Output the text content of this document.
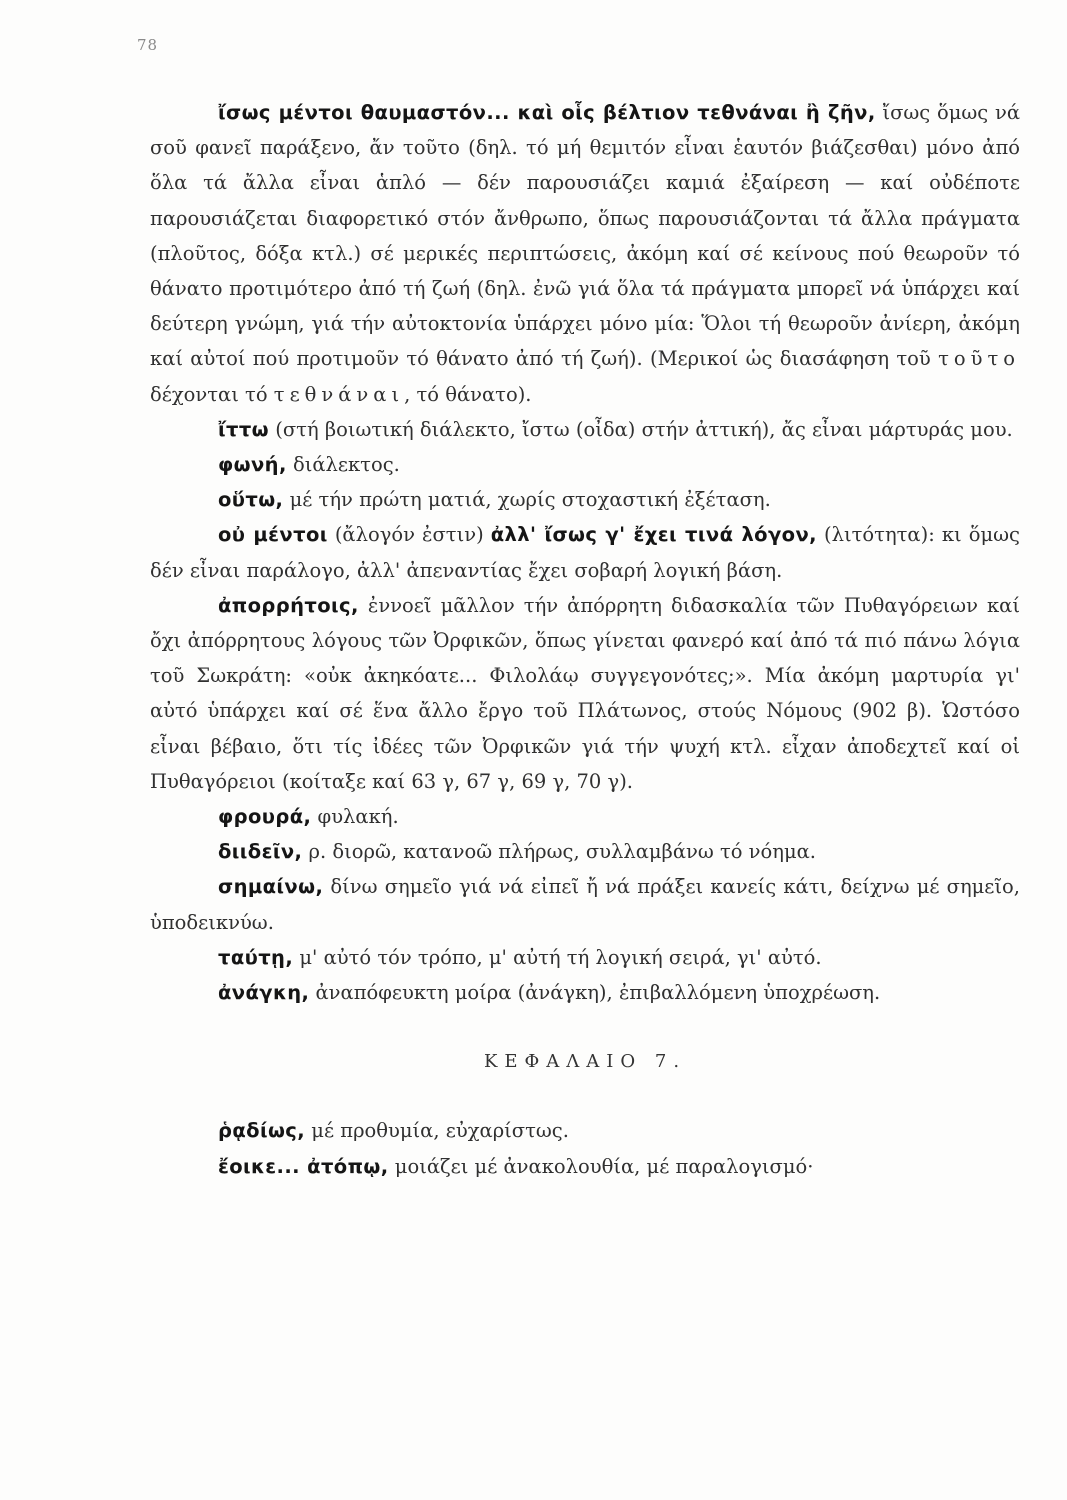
78

ἴσως μέντοι θαυμαστόν... καὶ οἷς βέλτιον τεθνάναι ἢ ζῆν, ἴσως ὅμως νά σοῦ φανεῖ παράξενο, ἄν τοῦτο (δηλ. τό μή θεμιτόν εἶναι ἑαυτόν βιάζεσθαι) μόνο ἀπό ὅλα τά ἄλλα εἶναι ἁπλό — δέν παρουσιάζει καμιά ἐξαίρεση — καί οὐδέποτε παρουσιάζεται διαφορετικό στόν ἄνθρωπο, ὅπως παρουσιάζονται τά ἄλλα πράγματα (πλοῦτος, δόξα κτλ.) σέ μερικές περιπτώσεις, ἀκόμη καί σέ κείνους πού θεωροῦν τό θάνατο προτιμότερο ἀπό τή ζωή (δηλ. ἐνῶ γιά ὅλα τά πράγματα μπορεῖ νά ὑπάρχει καί δεύτερη γνώμη, γιά τήν αὐτοκτονία ὑπάρχει μόνο μία: Ὅλοι τή θεωροῦν ἀνίερη, ἀκόμη καί αὐτοί πού προτιμοῦν τό θάνατο ἀπό τή ζωή). (Μερικοί ὡς διασάφηση τοῦ τοῦτο δέχονται τό τεθνάναι, τό θάνατο).

ἴττω (στή βοιωτική διάλεκτο, ἴστω (οἶδα) στήν ἀττική), ἄς εἶναι μάρτυράς μου.

φωνή, διάλεκτος.

οὕτω, μέ τήν πρώτη ματιά, χωρίς στοχαστική ἐξέταση.

οὐ μέντοι (ἄλογόν ἐστιν) ἀλλ' ἴσως γ' ἔχει τινά λόγον, (λιτότητα): κι ὅμως δέν εἶναι παράλογο, ἀλλ' ἀπεναντίας ἔχει σοβαρή λογική βάση.

ἀπορρήτοις, ἐννοεῖ μᾶλλον τήν ἀπόρρητη διδασκαλία τῶν Πυθαγόρειων καί ὄχι ἀπόρρητους λόγους τῶν Ὀρφικῶν, ὅπως γίνεται φανερό καί ἀπό τά πιό πάνω λόγια τοῦ Σωκράτη: «οὐκ ἀκηκόατε... Φιλολάῳ συγγεγονότες;». Μία ἀκόμη μαρτυρία γι' αὐτό ὑπάρχει καί σέ ἕνα ἄλλο ἔργο τοῦ Πλάτωνος, στούς Νόμους (902 β). Ὡστόσο εἶναι βέβαιο, ὅτι τίς ἰδέες τῶν Ὀρφικῶν γιά τήν ψυχή κτλ. εἶχαν ἀποδεχτεῖ καί οἱ Πυθαγόρειοι (κοίταξε καί 63 γ, 67 γ, 69 γ, 70 γ).

φρουρά, φυλακή.

διιδεῖν, ρ. διορῶ, κατανοῶ πλήρως, συλλαμβάνω τό νόημα.

σημαίνω, δίνω σημεῖο γιά νά εἰπεῖ ἤ νά πράξει κανείς κάτι, δείχνω μέ σημεῖο, ὑποδεικνύω.

ταύτῃ, μ' αὐτό τόν τρόπο, μ' αὐτή τή λογική σειρά, γι' αὐτό.

ἀνάγκη, ἀναπόφευκτη μοίρα (ἀνάγκη), ἐπιβαλλόμενη ὑποχρέωση.

ΚΕΦΑΛΑΙΟ 7.

ῥᾳδίως, μέ προθυμία, εὐχαρίστως.

ἔοικε... ἀτόπῳ, μοιάζει μέ ἀνακολουθία, μέ παραλογισμό·
